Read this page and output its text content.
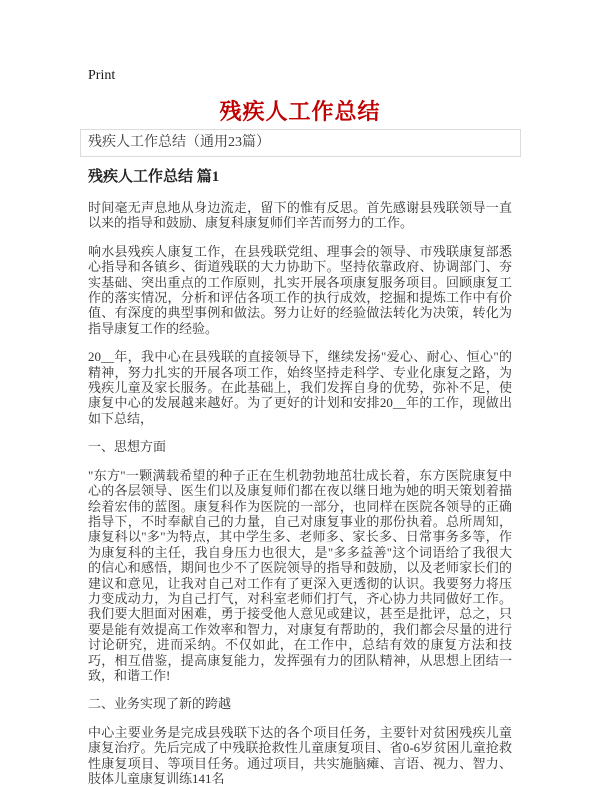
Print
残疾人工作总结
残疾人工作总结（通用23篇）
残疾人工作总结 篇1

时间毫无声息地从身边流走，留下的惟有反思。首先感谢县残联领导一直以来的指导和鼓励、康复科康复师们辛苦而努力的工作。

响水县残疾人康复工作，在县残联党组、理事会的领导、市残联康复部悉心指导和各镇乡、街道残联的大力协助下。坚持依靠政府、协调部门、夯实基础、突出重点的工作原则，扎实开展各项康复服务项目。回顾康复工作的落实情况，分析和评估各项工作的执行成效，挖掘和提炼工作中有价值、有深度的典型事例和做法。努力让好的经验做法转化为决策，转化为指导康复工作的经验。

20__年，我中心在县残联的直接领导下，继续发扬"爱心、耐心、恒心"的精神，努力扎实的开展各项工作，始终坚持走科学、专业化康复之路，为残疾儿童及家长服务。在此基础上，我们发挥自身的优势，弥补不足，使康复中心的发展越来越好。为了更好的计划和安排20__年的工作，现做出如下总结，

一、思想方面

"东方"一颗满载希望的种子正在生机勃勃地茁壮成长着，东方医院康复中心的各层领导、医生们以及康复师们都在夜以继日地为她的明天策划着描绘着宏伟的蓝图。康复科作为医院的一部分，也同样在医院各领导的正确指导下，不时奉献自己的力量，自己对康复事业的那份执着。总所周知，康复科以"多"为特点，其中学生多、老师多、家长多、日常事务多等，作为康复科的主任，我自身压力也很大，是"多多益善"这个词语给了我很大的信心和感悟，期间也少不了医院领导的指导和鼓励，以及老师家长们的建议和意见，让我对自己对工作有了更深入更透彻的认识。我要努力将压力变成动力，为自己打气，对科室老师们打气，齐心协力共同做好工作。我们要大胆面对困难，勇于接受他人意见或建议，甚至是批评，总之，只要是能有效提高工作效率和智力，对康复有帮助的，我们都会尽量的进行讨论研究，进而采纳。不仅如此，在工作中，总结有效的康复方法和技巧，相互借鉴，提高康复能力，发挥强有力的团队精神，从思想上团结一致，和谐工作!

二、业务实现了新的跨越

中心主要业务是完成县残联下达的各个项目任务，主要针对贫困残疾儿童康复治疗。先后完成了中残联抢救性儿童康复项目、省0-6岁贫困儿童抢救性康复项目、等项目任务。通过项目，共实施脑瘫、言语、视力、智力、肢体儿童康复训练141名
